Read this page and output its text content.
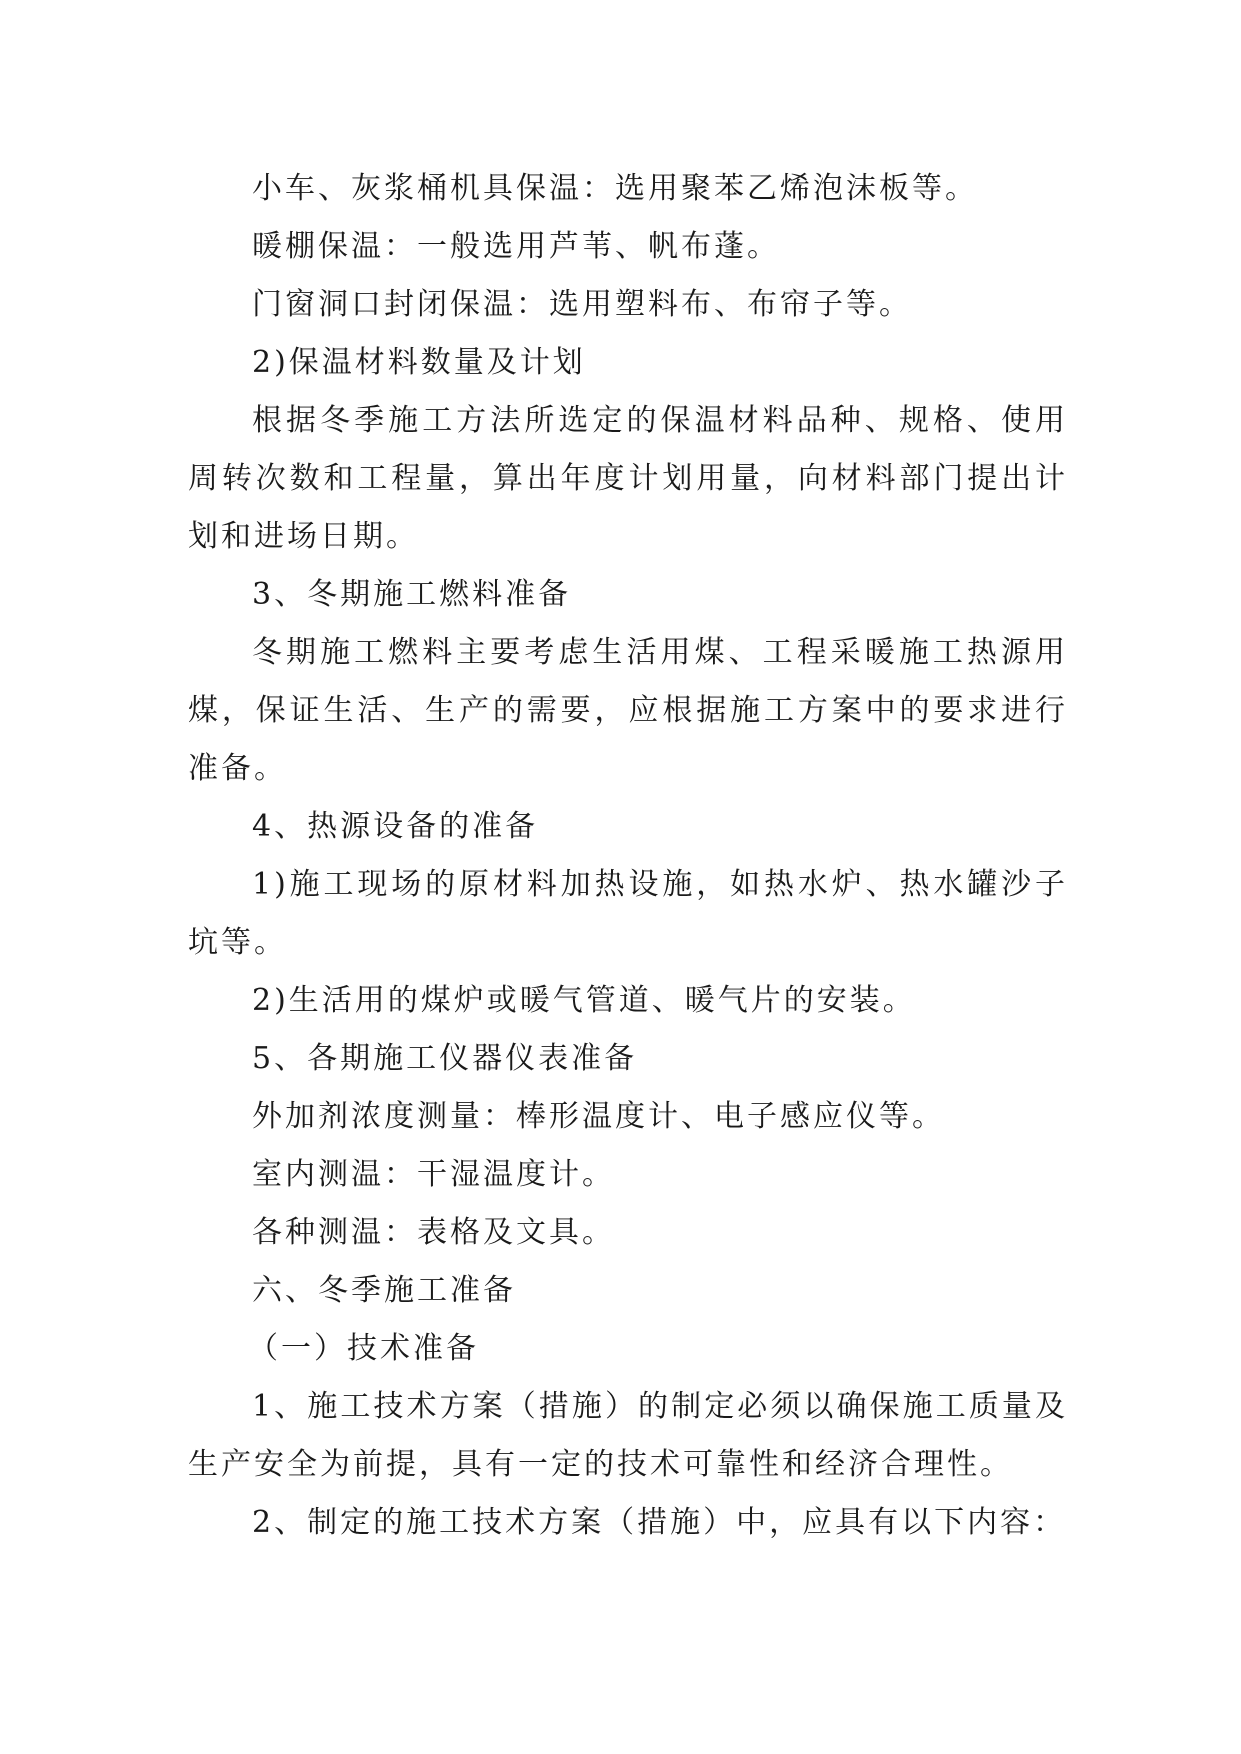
小车、灰浆桶机具保温：选用聚苯乙烯泡沫板等。

暖棚保温：一般选用芦苇、帆布蓬。

门窗洞口封闭保温：选用塑料布、布帘子等。

2)保温材料数量及计划

根据冬季施工方法所选定的保温材料品种、规格、使用周转次数和工程量，算出年度计划用量，向材料部门提出计划和进场日期。

3、冬期施工燃料准备

冬期施工燃料主要考虑生活用煤、工程采暖施工热源用煤，保证生活、生产的需要，应根据施工方案中的要求进行准备。

4、热源设备的准备

1)施工现场的原材料加热设施，如热水炉、热水罐沙子坑等。

2)生活用的煤炉或暖气管道、暖气片的安装。

5、各期施工仪器仪表准备

外加剂浓度测量：棒形温度计、电子感应仪等。

室内测温：干湿温度计。

各种测温：表格及文具。

六、冬季施工准备

（一）技术准备

1、施工技术方案（措施）的制定必须以确保施工质量及生产安全为前提，具有一定的技术可靠性和经济合理性。

2、制定的施工技术方案（措施）中，应具有以下内容：
